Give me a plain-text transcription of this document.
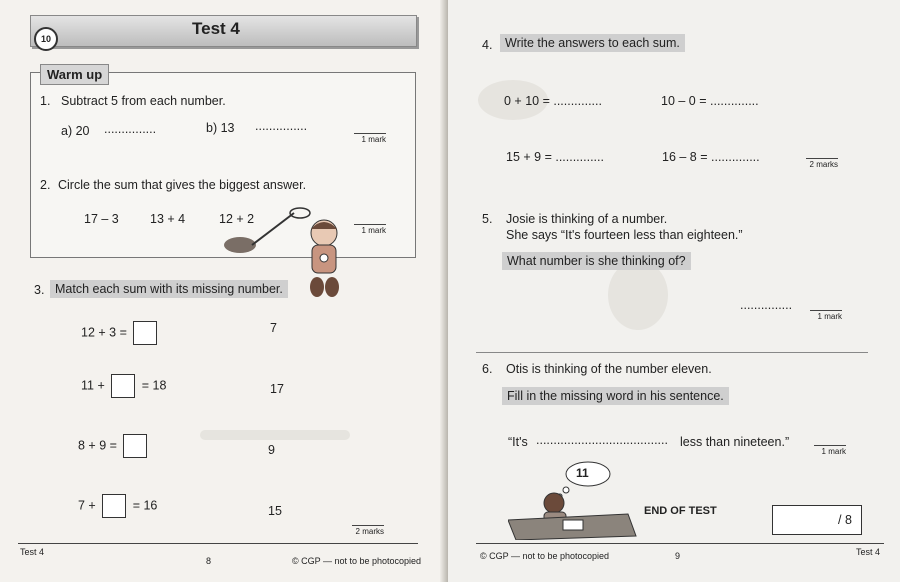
10
Test 4
Warm up
1. Subtract 5 from each number.
a) 20 ...............	b) 13 ...............
1 mark
2. Circle the sum that gives the biggest answer.
17 – 3 13 + 4	12 + 2
1 mark
3. Match each sum with its missing number.
12 + 3 =	7
11 +	= 18	17
8 + 9 =	9
7 +	= 16	15
2 marks
Test 4
8	© CGP — not to be photocopied
4.	Write the answers to each sum.
0 + 10 = ..............	10 – 0 = ..............
15 + 9 = ..............	16 – 8 = ..............
2 marks
5. Josie is thinking of a number.
She says “It's fourteen less than eighteen.”
What number is she thinking of?
...............
1 mark
6. Otis is thinking of the number eleven.
Fill in the missing word in his sentence.
“It's ...................................... less than nineteen.”
1 mark
11
END OF TEST
/ 8
© CGP — not to be photocopied	9	Test 4
